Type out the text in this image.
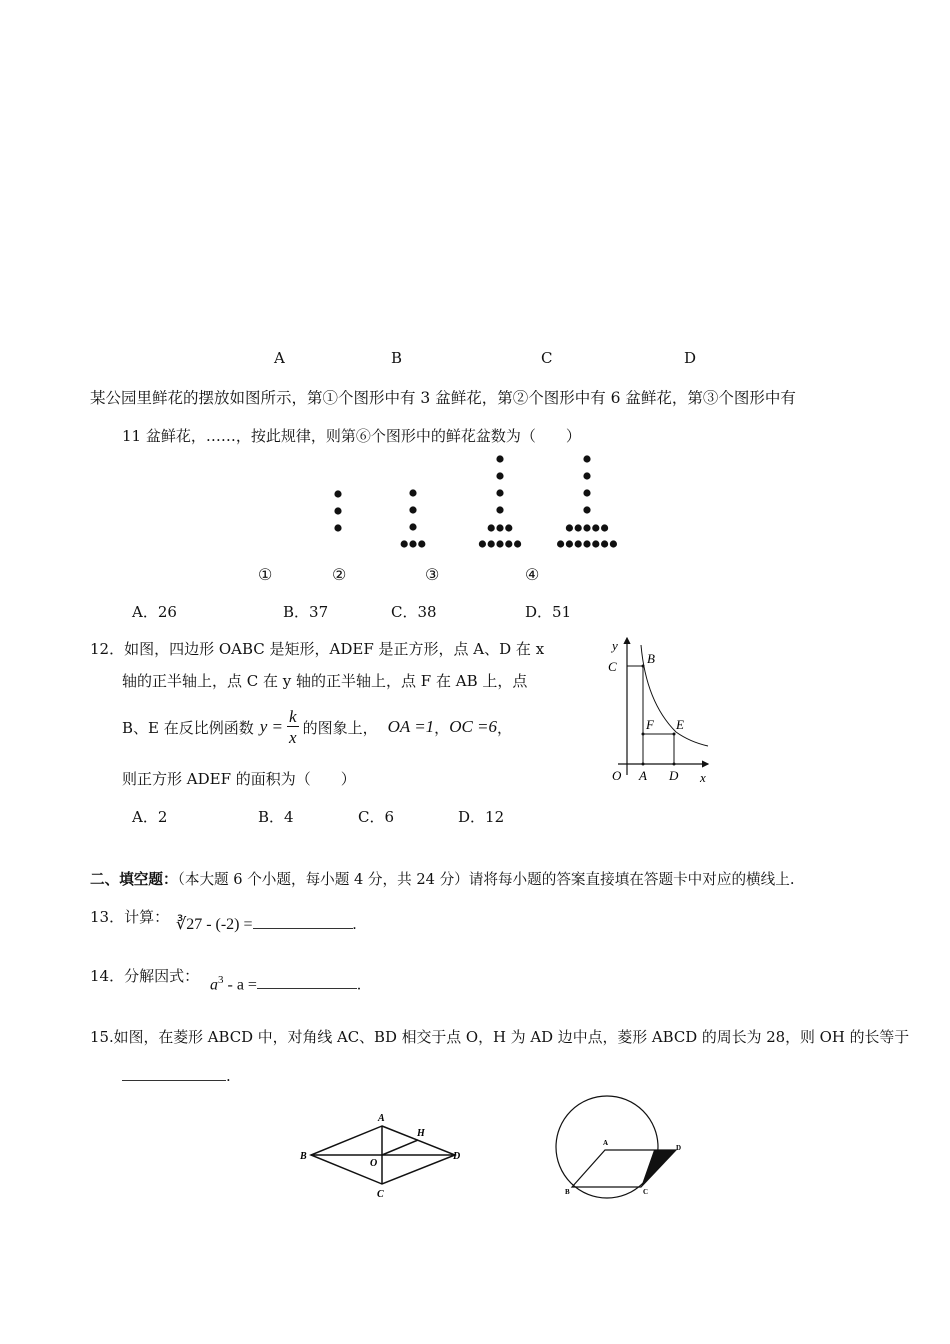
A	B	C	D
某公园里鲜花的摆放如图所示，第①个图形中有 3 盆鲜花，第②个图形中有 6 盆鲜花，第③个图形中有
11 盆鲜花，……，按此规律，则第⑥个图形中的鲜花盆数为（　　）
①	②	③	④
A．26	B．37	C．38	D．51
12．如图，四边形 OABC 是矩形，ADEF 是正方形，点 A、D 在 x
轴的正半轴上，点 C 在 y 轴的正半轴上，点 F 在 AB 上，点
B、E 在反比例函数 $y = \frac{k}{x}$ 的图象上， OA =1 ， OC =6 ，
则正方形 ADEF 的面积为（　　）
A．2	B．4	C．6	D．12
y
C
B
F E
O A D x
二、填空题：（本大题 6 个小题，每小题 4 分，共 24 分）请将每小题的答案直接填在答题卡中对应的横线上.
13．计算： ∛27 - (-2) =	.
14．分解因式： $a^3$ - a =	.
15.如图，在菱形 ABCD 中，对角线 AC、BD 相交于点 O，H 为 AD 边中点，菱形 ABCD 的周长为 28，则 OH 的长等于
.
A
H
B
O
D
C
A
D
B	C
